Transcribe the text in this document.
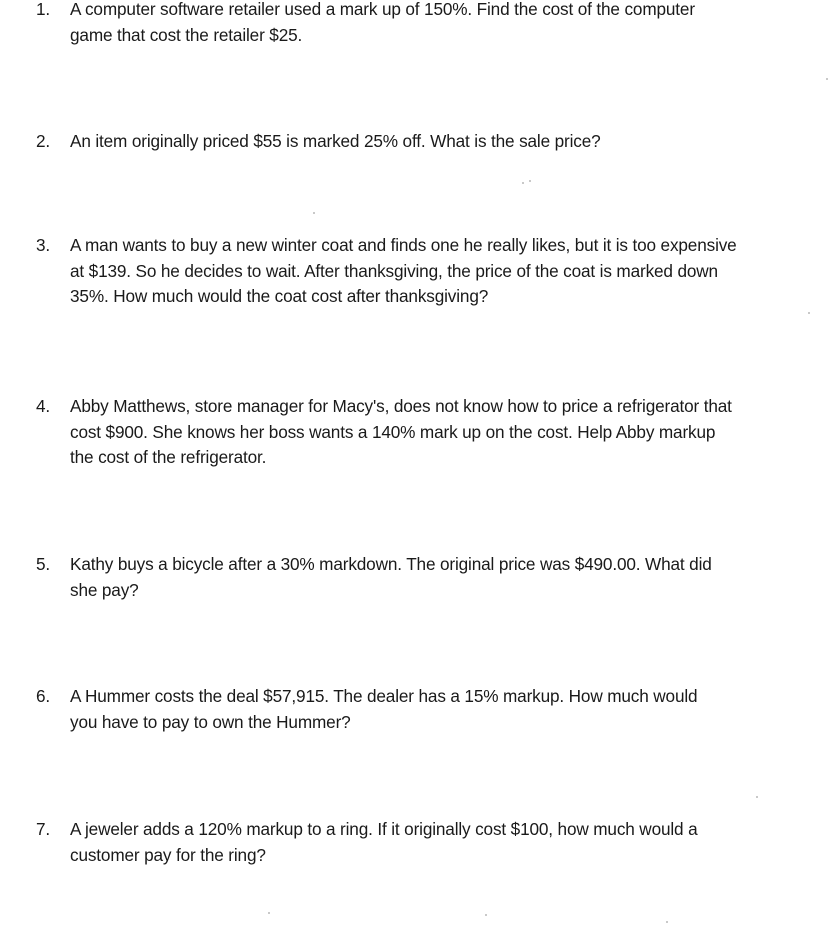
1.	A computer software retailer used a mark up of 150%. Find the cost of the computer
game that cost the retailer $25.
2.	An item originally priced $55 is marked 25% off. What is the sale price?
3.	A man wants to buy a new winter coat and finds one he really likes, but it is too expensive
at $139. So he decides to wait. After thanksgiving, the price of the coat is marked down
35%. How much would the coat cost after thanksgiving?
4.	Abby Matthews, store manager for Macy's, does not know how to price a refrigerator that
cost $900. She knows her boss wants a 140% mark up on the cost. Help Abby markup
the cost of the refrigerator.
5.	Kathy buys a bicycle after a 30% markdown. The original price was $490.00. What did
she pay?
6.	A Hummer costs the deal $57,915. The dealer has a 15% markup. How much would
you have to pay to own the Hummer?
7.	A jeweler adds a 120% markup to a ring. If it originally cost $100, how much would a
customer pay for the ring?
